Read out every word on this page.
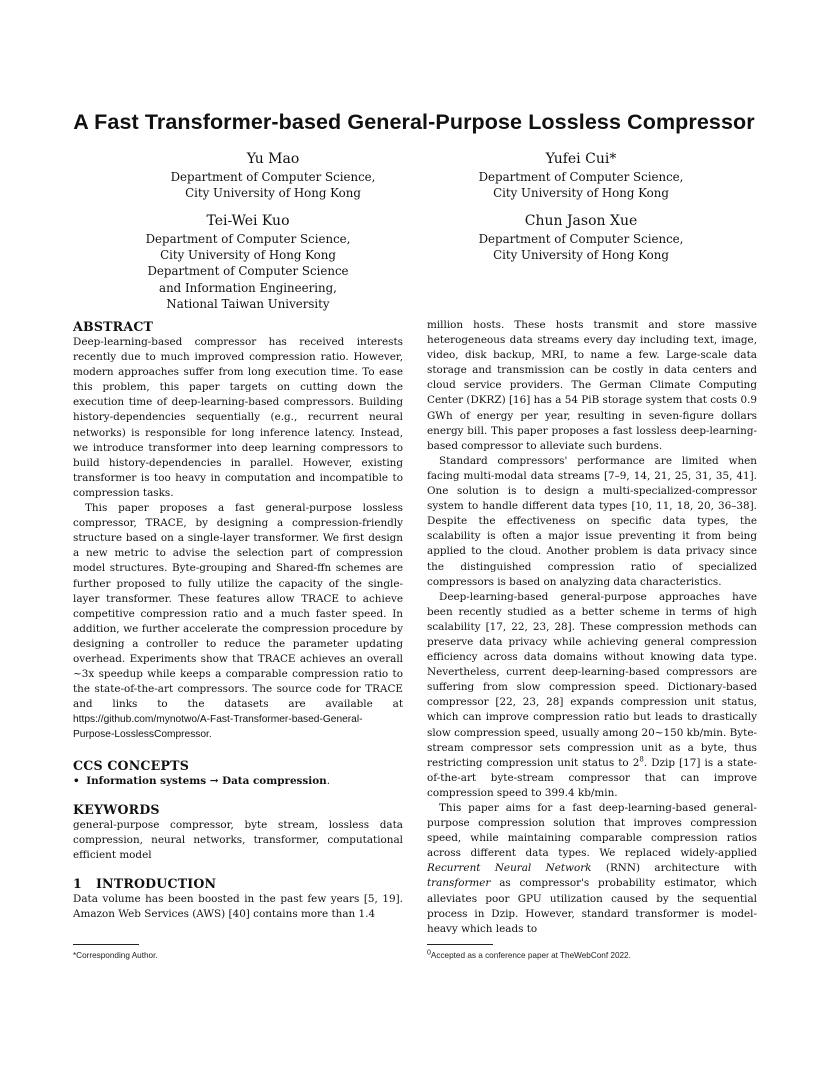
A Fast Transformer-based General-Purpose Lossless Compressor
Yu Mao
Department of Computer Science,
City University of Hong Kong
Yufei Cui*
Department of Computer Science,
City University of Hong Kong
Tei-Wei Kuo
Department of Computer Science,
City University of Hong Kong
Department of Computer Science
and Information Engineering,
National Taiwan University
Chun Jason Xue
Department of Computer Science,
City University of Hong Kong
ABSTRACT

Deep-learning-based compressor has received interests recently due to much improved compression ratio. However, modern approaches suffer from long execution time. To ease this problem, this paper targets on cutting down the execution time of deep-learning-based compressors. Building history-dependencies sequentially (e.g., recurrent neural networks) is responsible for long inference latency. Instead, we introduce transformer into deep learning compressors to build history-dependencies in parallel. However, existing transformer is too heavy in computation and incompatible to compression tasks.

This paper proposes a fast general-purpose lossless compressor, TRACE, by designing a compression-friendly structure based on a single-layer transformer. We first design a new metric to advise the selection part of compression model structures. Byte-grouping and Shared-ffn schemes are further proposed to fully utilize the capacity of the single-layer transformer. These features allow TRACE to achieve competitive compression ratio and a much faster speed. In addition, we further accelerate the compression procedure by designing a controller to reduce the parameter updating overhead. Experiments show that TRACE achieves an overall ~3x speedup while keeps a comparable compression ratio to the state-of-the-art compressors. The source code for TRACE and links to the datasets are available at https://github.com/mynotwo/A-Fast-Transformer-based-General-Purpose-LosslessCompressor.

CCS CONCEPTS

• Information systems → Data compression.

KEYWORDS

general-purpose compressor, byte stream, lossless data compression, neural networks, transformer, computational efficient model

1 INTRODUCTION

Data volume has been boosted in the past few years [5, 19]. Amazon Web Services (AWS) [40] contains more than 1.4

million hosts. These hosts transmit and store massive heterogeneous data streams every day including text, image, video, disk backup, MRI, to name a few. Large-scale data storage and transmission can be costly in data centers and cloud service providers. The German Climate Computing Center (DKRZ) [16] has a 54 PiB storage system that costs 0.9 GWh of energy per year, resulting in seven-figure dollars energy bill. This paper proposes a fast lossless deep-learning-based compressor to alleviate such burdens.

Standard compressors' performance are limited when facing multi-modal data streams [7–9, 14, 21, 25, 31, 35, 41]. One solution is to design a multi-specialized-compressor system to handle different data types [10, 11, 18, 20, 36–38]. Despite the effectiveness on specific data types, the scalability is often a major issue preventing it from being applied to the cloud. Another problem is data privacy since the distinguished compression ratio of specialized compressors is based on analyzing data characteristics.

Deep-learning-based general-purpose approaches have been recently studied as a better scheme in terms of high scalability [17, 22, 23, 28]. These compression methods can preserve data privacy while achieving general compression efficiency across data domains without knowing data type. Nevertheless, current deep-learning-based compressors are suffering from slow compression speed. Dictionary-based compressor [22, 23, 28] expands compression unit status, which can improve compression ratio but leads to drastically slow compression speed, usually among 20~150 kb/min. Byte-stream compressor sets compression unit as a byte, thus restricting compression unit status to $2^8$. Dzip [17] is a state-of-the-art byte-stream compressor that can improve compression speed to 399.4 kb/min.

This paper aims for a fast deep-learning-based general-purpose compression solution that improves compression speed, while maintaining comparable compression ratios across different data types. We replaced widely-applied Recurrent Neural Network (RNN) architecture with transformer as compressor's probability estimator, which alleviates poor GPU utilization caused by the sequential process in Dzip. However, standard transformer is model-heavy which leads to

*Corresponding Author.	$^0$Accepted as a conference paper at TheWebConf 2022.
